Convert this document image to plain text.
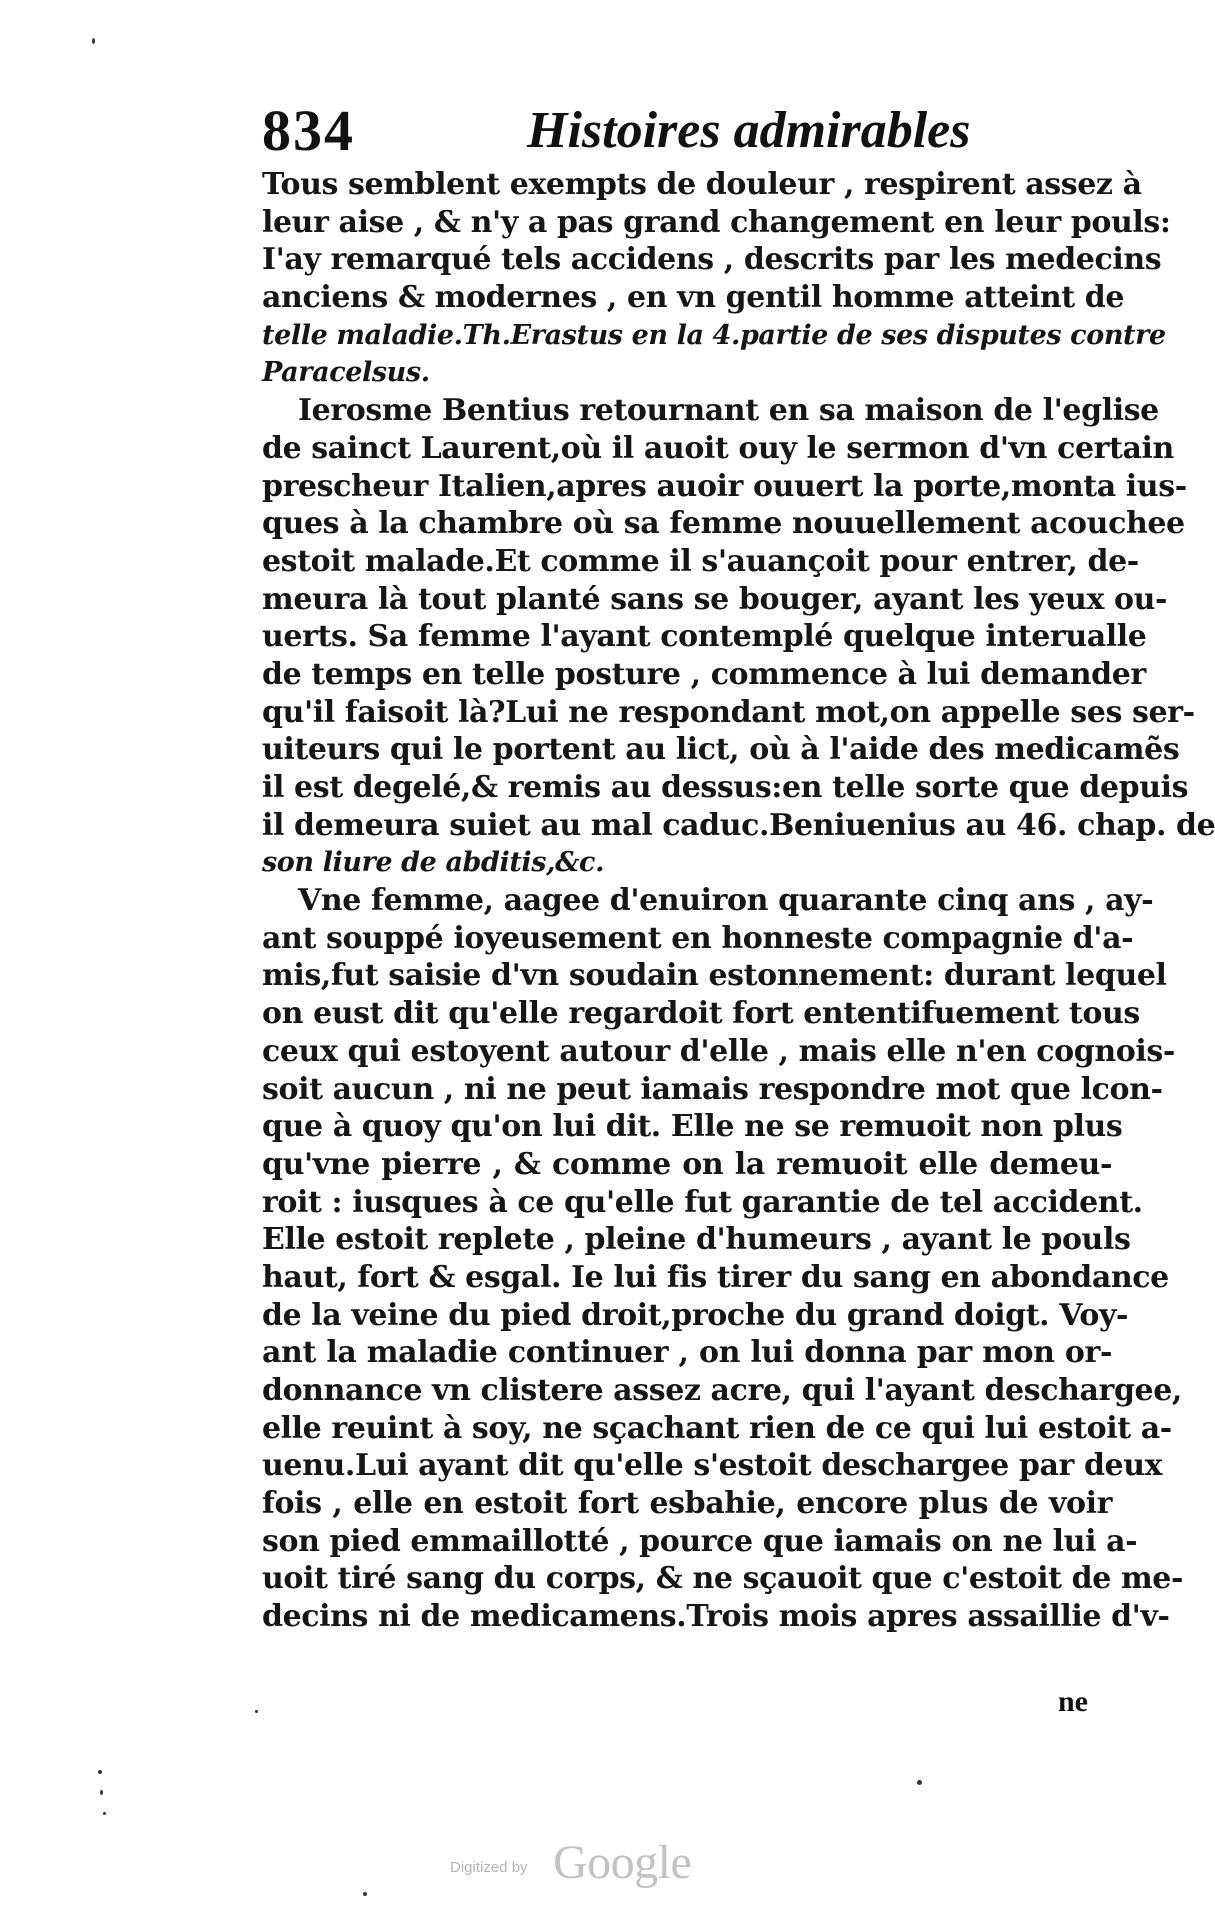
834	Histoires admirables
Tous semblent exempts de douleur , respirent assez à
leur aise , & n'y a pas grand changement en leur pouls:
I'ay remarqué tels accidens , descrits par les medecins
anciens & modernes , en vn gentil homme atteint de
telle maladie.Th.Erastus en la 4.partie de ses disputes contre
Paracelsus.
Ierosme Bentius retournant en sa maison de l'eglise
de sainct Laurent,où il auoit ouy le sermon d'vn certain
prescheur Italien,apres auoir ouuert la porte,monta ius-
ques à la chambre où sa femme nouuellement acouchee
estoit malade.Et comme il s'auançoit pour entrer, de-
meura là tout planté sans se bouger, ayant les yeux ou-
uerts. Sa femme l'ayant contemplé quelque interualle
de temps en telle posture , commence à lui demander
qu'il faisoit là?Lui ne respondant mot,on appelle ses ser-
uiteurs qui le portent au lict, où à l'aide des medicamẽs
il est degelé,& remis au dessus:en telle sorte que depuis
il demeura suiet au mal caduc.Beniuenius au 46. chap. de
son liure de abditis,&c.
Vne femme, aagee d'enuiron quarante cinq ans , ay-
ant souppé ioyeusement en honneste compagnie d'a-
mis,fut saisie d'vn soudain estonnement: durant lequel
on eust dit qu'elle regardoit fort ententifuement tous
ceux qui estoyent autour d'elle , mais elle n'en cognois-
soit aucun , ni ne peut iamais respondre mot que lcon-
que à quoy qu'on lui dit. Elle ne se remuoit non plus
qu'vne pierre , & comme on la remuoit elle demeu-
roit : iusques à ce qu'elle fut garantie de tel accident.
Elle estoit replete , pleine d'humeurs , ayant le pouls
haut, fort & esgal. Ie lui fis tirer du sang en abondance
de la veine du pied droit,proche du grand doigt. Voy-
ant la maladie continuer , on lui donna par mon or-
donnance vn clistere assez acre, qui l'ayant deschargee,
elle reuint à soy, ne sçachant rien de ce qui lui estoit a-
uenu.Lui ayant dit qu'elle s'estoit deschargee par deux
fois , elle en estoit fort esbahie, encore plus de voir
son pied emmaillotté , pource que iamais on ne lui a-
uoit tiré sang du corps, & ne sçauoit que c'estoit de me-
decins ni de medicamens.Trois mois apres assaillie d'v-
ne
Digitized by Google
